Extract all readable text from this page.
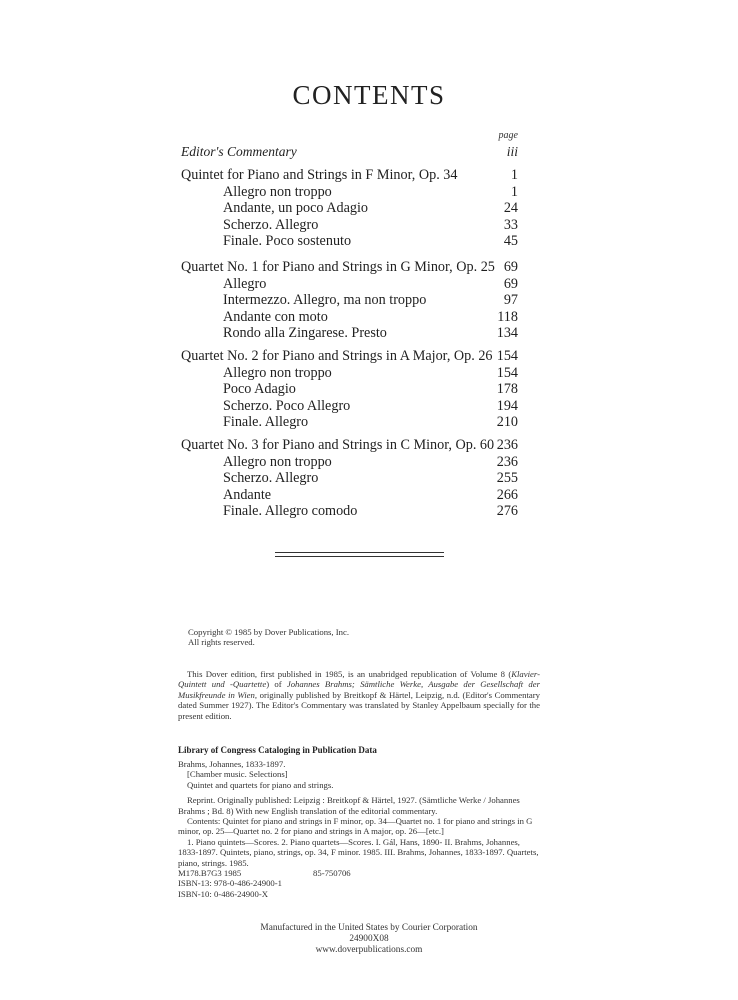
CONTENTS
page
Editor's Commentary	iii
Quintet for Piano and Strings in F Minor, Op. 34	1
Allegro non troppo	1
Andante, un poco Adagio	24
Scherzo. Allegro	33
Finale. Poco sostenuto	45
Quartet No. 1 for Piano and Strings in G Minor, Op. 25 69
Allegro	69
Intermezzo. Allegro, ma non troppo	97
Andante con moto	118
Rondo alla Zingarese. Presto	134
Quartet No. 2 for Piano and Strings in A Major, Op. 26 154
Allegro non troppo	154
Poco Adagio	178
Scherzo. Poco Allegro	194
Finale. Allegro	210
Quartet No. 3 for Piano and Strings in C Minor, Op. 60 236
Allegro non troppo	236
Scherzo. Allegro	255
Andante	266
Finale. Allegro comodo	276
Copyright © 1985 by Dover Publications, Inc.
All rights reserved.
This Dover edition, first published in 1985, is an unabridged republication of Volume 8 (Klavier-Quintett und -Quartette) of Johannes Brahms; Sämtliche Werke, Ausgabe der Gesellschaft der Musikfreunde in Wien, originally published by Breitkopf & Härtel, Leipzig, n.d. (Editor's Commentary dated Summer 1927). The Editor's Commentary was translated by Stanley Appelbaum specially for the present edition.
Library of Congress Cataloging in Publication Data
Brahms, Johannes, 1833-1897.
[Chamber music. Selections]
Quintet and quartets for piano and strings.
Reprint. Originally published: Leipzig : Breitkopf & Härtel, 1927. (Sämtliche Werke / Johannes Brahms ; Bd. 8) With new English translation of the editorial commentary.
Contents: Quintet for piano and strings in F minor, op. 34—Quartet no. 1 for piano and strings in G minor, op. 25—Quartet no. 2 for piano and strings in A major, op. 26—[etc.]
1. Piano quintets—Scores. 2. Piano quartets—Scores. I. Gál, Hans, 1890- II. Brahms, Johannes, 1833-1897. Quintets, piano, strings, op. 34, F minor. 1985. III. Brahms, Johannes, 1833-1897. Quartets, piano, strings. 1985.
M178.B7G3 1985	85-750706
ISBN-13: 978-0-486-24900-1
ISBN-10: 0-486-24900-X
Manufactured in the United States by Courier Corporation
24900X08
www.doverpublications.com
